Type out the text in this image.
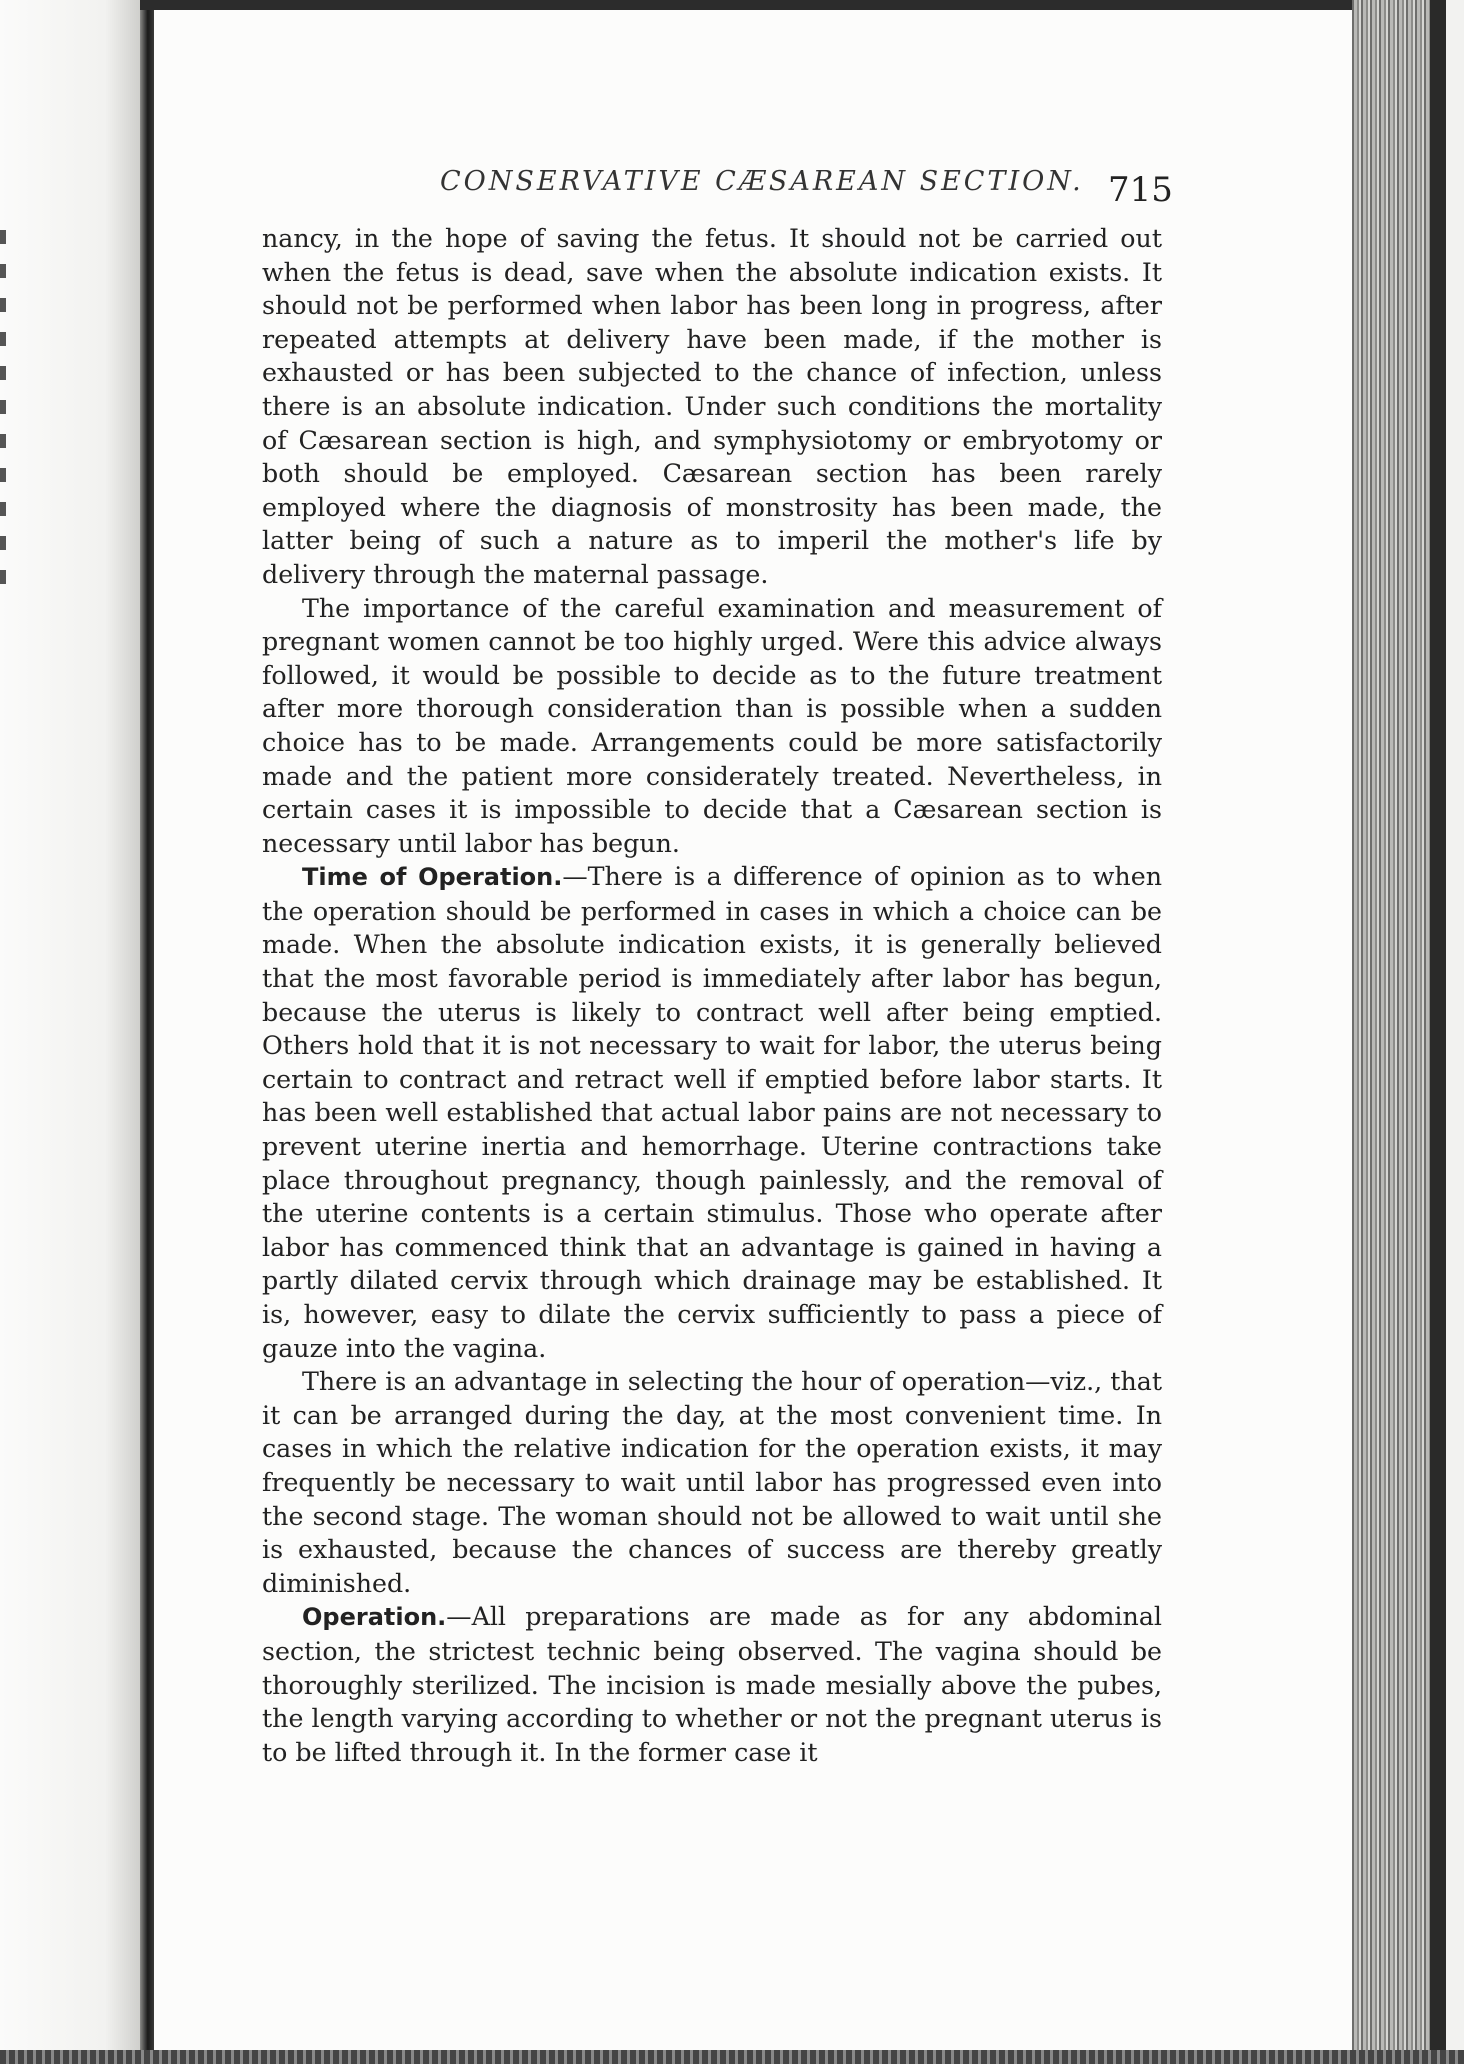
CONSERVATIVE CÆSAREAN SECTION. 715

nancy, in the hope of saving the fetus. It should not be carried out when the fetus is dead, save when the absolute indication exists. It should not be performed when labor has been long in progress, after repeated attempts at delivery have been made, if the mother is exhausted or has been subjected to the chance of infection, unless there is an absolute indication. Under such conditions the mortality of Cæsarean section is high, and symphysiotomy or embryotomy or both should be employed. Cæsarean section has been rarely employed where the diagnosis of monstrosity has been made, the latter being of such a nature as to imperil the mother's life by delivery through the maternal passage.

The importance of the careful examination and measurement of pregnant women cannot be too highly urged. Were this advice always followed, it would be possible to decide as to the future treatment after more thorough consideration than is possible when a sudden choice has to be made. Arrangements could be more satisfactorily made and the patient more considerately treated. Nevertheless, in certain cases it is impossible to decide that a Cæsarean section is necessary until labor has begun.

Time of Operation.—There is a difference of opinion as to when the operation should be performed in cases in which a choice can be made. When the absolute indication exists, it is generally believed that the most favorable period is immediately after labor has begun, because the uterus is likely to contract well after being emptied. Others hold that it is not necessary to wait for labor, the uterus being certain to contract and retract well if emptied before labor starts. It has been well established that actual labor pains are not necessary to prevent uterine inertia and hemorrhage. Uterine contractions take place throughout pregnancy, though painlessly, and the removal of the uterine contents is a certain stimulus. Those who operate after labor has commenced think that an advantage is gained in having a partly dilated cervix through which drainage may be established. It is, however, easy to dilate the cervix sufficiently to pass a piece of gauze into the vagina.

There is an advantage in selecting the hour of operation—viz., that it can be arranged during the day, at the most convenient time. In cases in which the relative indication for the operation exists, it may frequently be necessary to wait until labor has progressed even into the second stage. The woman should not be allowed to wait until she is exhausted, because the chances of success are thereby greatly diminished.

Operation.—All preparations are made as for any abdominal section, the strictest technic being observed. The vagina should be thoroughly sterilized. The incision is made mesially above the pubes, the length varying according to whether or not the pregnant uterus is to be lifted through it. In the former case it
